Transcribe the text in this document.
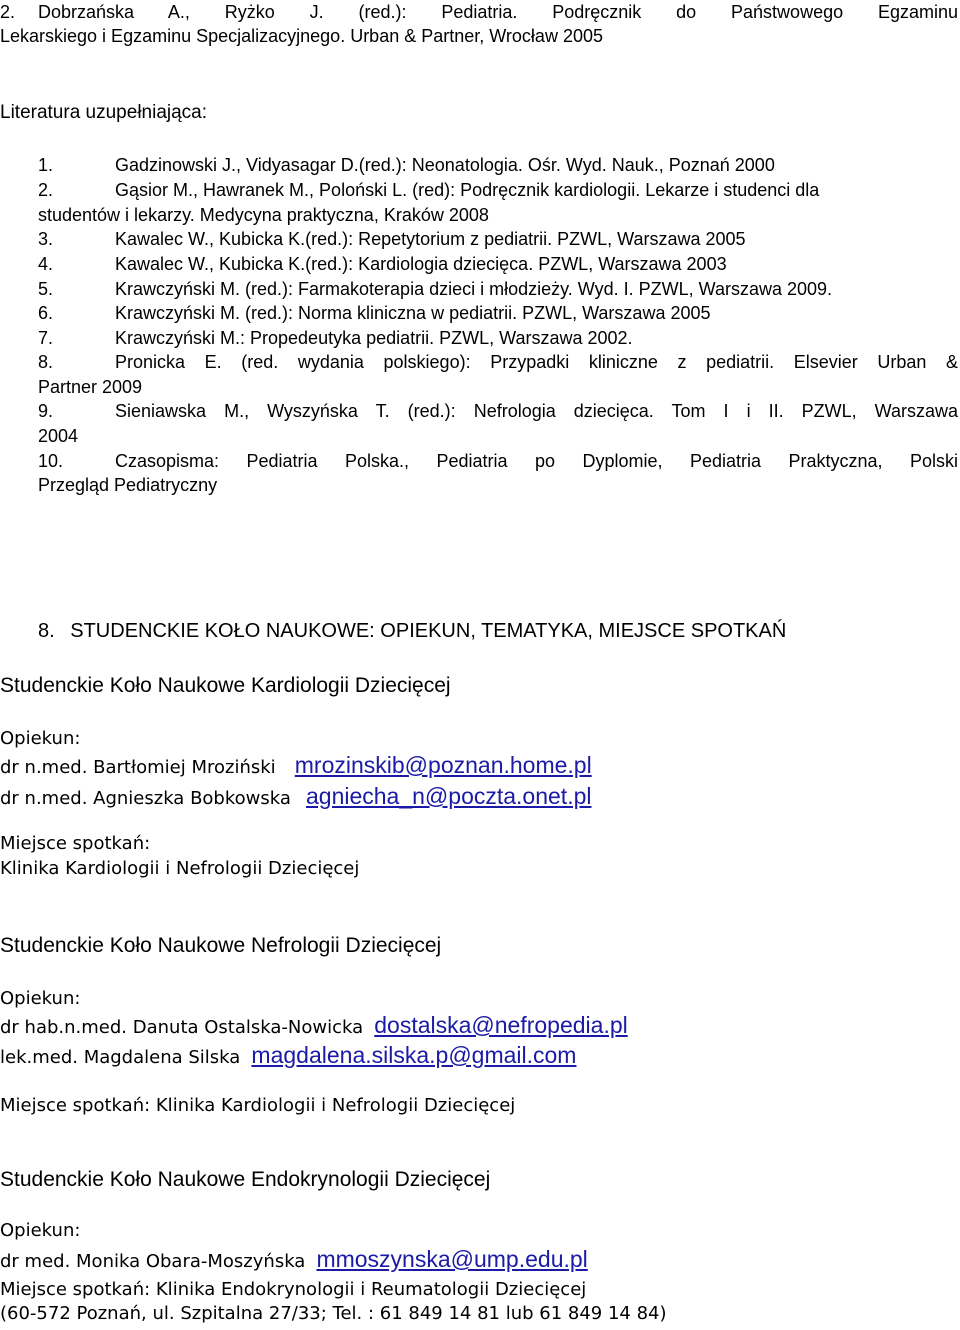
2. Dobrzańska A., Ryżko J. (red.): Pediatria. Podręcznik do Państwowego Egzaminu
Lekarskiego i Egzaminu Specjalizacyjnego. Urban & Partner, Wrocław 2005
Literatura uzupełniająca:
1.	Gadzinowski J., Vidyasagar D.(red.): Neonatologia. Ośr. Wyd. Nauk., Poznań 2000
2.	Gąsior M., Hawranek M., Poloński L. (red): Podręcznik kardiologii. Lekarze i studenci dla
studentów i lekarzy. Medycyna praktyczna, Kraków 2008
3.	Kawalec W., Kubicka K.(red.): Repetytorium z pediatrii. PZWL, Warszawa 2005
4.	Kawalec W., Kubicka K.(red.): Kardiologia dziecięca. PZWL, Warszawa 2003
5.	Krawczyński M. (red.): Farmakoterapia dzieci i młodzieży. Wyd. I. PZWL, Warszawa 2009.
6.	Krawczyński M. (red.): Norma kliniczna w pediatrii. PZWL, Warszawa 2005
7.	Krawczyński M.: Propedeutyka pediatrii. PZWL, Warszawa 2002.
8.	Pronicka E. (red. wydania polskiego): Przypadki kliniczne z pediatrii. Elsevier Urban &
Partner 2009
9.	Sieniawska M., Wyszyńska T. (red.): Nefrologia dziecięca. Tom I i II. PZWL, Warszawa
2004
10.	Czasopisma: Pediatria Polska., Pediatria po Dyplomie, Pediatria Praktyczna, Polski
Przegląd Pediatryczny
8. STUDENCKIE KOŁO NAUKOWE: OPIEKUN, TEMATYKA, MIEJSCE SPOTKAŃ
Studenckie Koło Naukowe Kardiologii Dziecięcej
Opiekun:
dr n.med. Bartłomiej Mroziński mrozinskib@poznan.home.pl
dr n.med. Agnieszka Bobkowska agniecha_n@poczta.onet.pl
Miejsce spotkań:
Klinika Kardiologii i Nefrologii Dziecięcej
Studenckie Koło Naukowe Nefrologii Dziecięcej
Opiekun:
dr hab.n.med. Danuta Ostalska-Nowicka dostalska@nefropedia.pl
lek.med. Magdalena Silska magdalena.silska.p@gmail.com
Miejsce spotkań: Klinika Kardiologii i Nefrologii Dziecięcej
Studenckie Koło Naukowe Endokrynologii Dziecięcej
Opiekun:
dr med. Monika Obara-Moszyńska mmoszynska@ump.edu.pl
Miejsce spotkań: Klinika Endokrynologii i Reumatologii Dziecięcej
(60-572 Poznań, ul. Szpitalna 27/33; Tel. : 61 849 14 81 lub 61 849 14 84)
